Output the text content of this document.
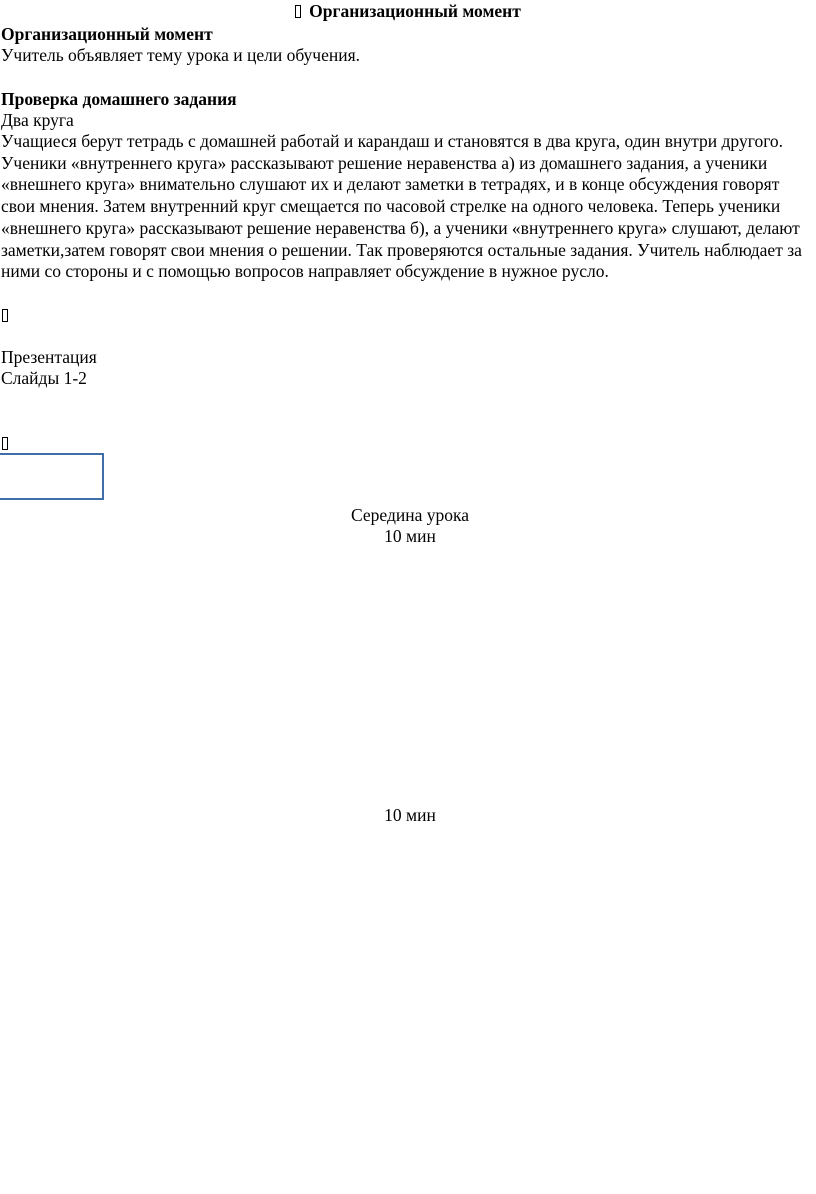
Организационный момент
Организационный момент
Учитель объявляет тему урока и цели обучения.
Проверка домашнего задания
Два круга
Учащиеся берут тетрадь с домашней работай и карандаш и становятся в два круга, один внутри другого. Ученики «внутреннего круга» рассказывают решение неравенства а) из домашнего задания, а ученики «внешнего круга» внимательно слушают их и делают заметки в тетрадях, и в конце обсуждения говорят свои мнения. Затем внутренний круг смещается по часовой стрелке на одного человека. Теперь ученики «внешнего круга» рассказывают решение неравенства б), а ученики «внутреннего круга» слушают, делают заметки,затем говорят свои мнения о решении. Так проверяются остальные задания. Учитель наблюдает за ними со стороны и с помощью вопросов направляет обсуждение в нужное русло.
Презентация
Слайды 1-2
Середина урока
10 мин
10 мин
